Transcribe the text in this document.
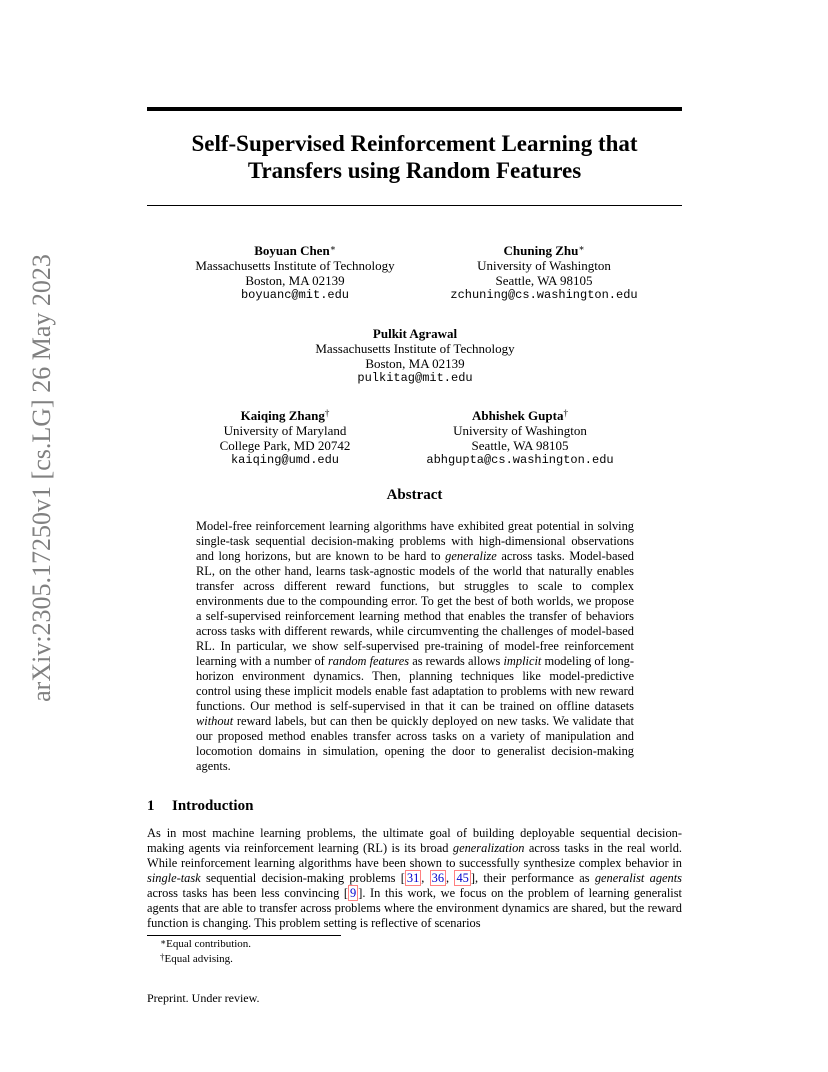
arXiv:2305.17250v1 [cs.LG] 26 May 2023
Self-Supervised Reinforcement Learning that
Transfers using Random Features
Boyuan Chen∗
Massachusetts Institute of Technology
Boston, MA 02139
boyuanc@mit.edu
Chuning Zhu∗
University of Washington
Seattle, WA 98105
zchuning@cs.washington.edu
Pulkit Agrawal
Massachusetts Institute of Technology
Boston, MA 02139
pulkitag@mit.edu
Kaiqing Zhang†
University of Maryland
College Park, MD 20742
kaiqing@umd.edu
Abhishek Gupta†
University of Washington
Seattle, WA 98105
abhgupta@cs.washington.edu
Abstract
Model-free reinforcement learning algorithms have exhibited great potential in solving single-task sequential decision-making problems with high-dimensional observations and long horizons, but are known to be hard to generalize across tasks. Model-based RL, on the other hand, learns task-agnostic models of the world that naturally enables transfer across different reward functions, but struggles to scale to complex environments due to the compounding error. To get the best of both worlds, we propose a self-supervised reinforcement learning method that enables the transfer of behaviors across tasks with different rewards, while circumventing the challenges of model-based RL. In particular, we show self-supervised pre-training of model-free reinforcement learning with a number of random features as rewards allows implicit modeling of long-horizon environment dynamics. Then, planning techniques like model-predictive control using these implicit models enable fast adaptation to problems with new reward functions. Our method is self-supervised in that it can be trained on offline datasets without reward labels, but can then be quickly deployed on new tasks. We validate that our proposed method enables transfer across tasks on a variety of manipulation and locomotion domains in simulation, opening the door to generalist decision-making agents.
1 Introduction
As in most machine learning problems, the ultimate goal of building deployable sequential decision-making agents via reinforcement learning (RL) is its broad generalization across tasks in the real world. While reinforcement learning algorithms have been shown to successfully synthesize complex behavior in single-task sequential decision-making problems [ 31 , 36 , 45 ], their performance as generalist agents across tasks has been less convincing [ 9 ]. In this work, we focus on the problem of learning generalist agents that are able to transfer across problems where the environment dynamics are shared, but the reward function is changing. This problem setting is reflective of scenarios
∗Equal contribution.
†Equal advising.
Preprint. Under review.
